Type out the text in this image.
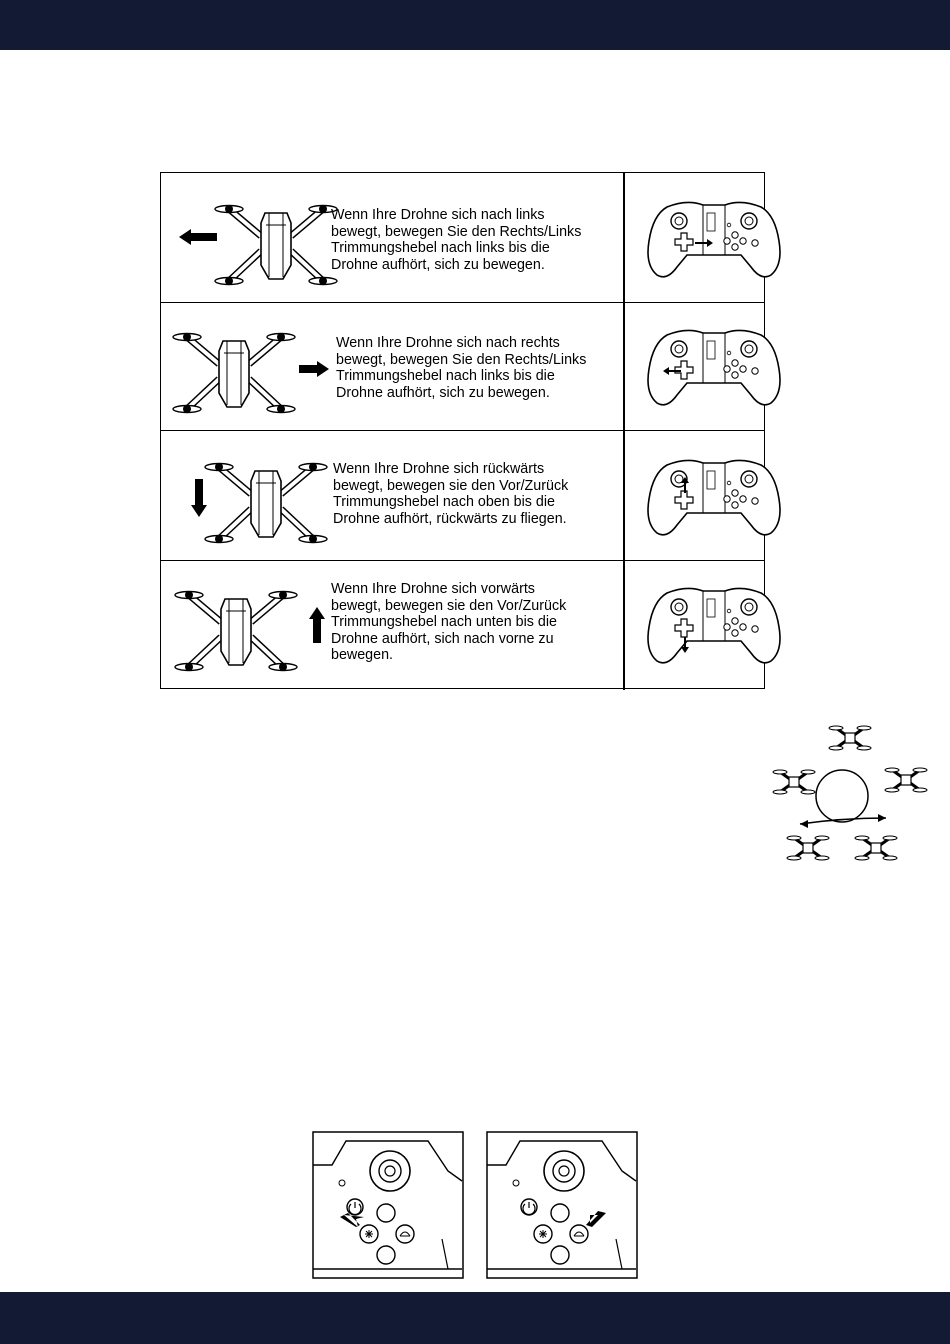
Wenn Ihre Drohne sich nach links
bewegt, bewegen Sie den Rechts/Links
Trimmungshebel nach links bis die
Drohne aufhört, sich zu bewegen.

Wenn Ihre Drohne sich nach rechts
bewegt, bewegen Sie den Rechts/Links
Trimmungshebel nach links bis die
Drohne aufhört, sich zu bewegen.

Wenn Ihre Drohne sich rückwärts
bewegt, bewegen sie den Vor/Zurück
Trimmungshebel nach oben bis die
Drohne aufhört, rückwärts zu fliegen.

Wenn Ihre Drohne sich vorwärts
bewegt, bewegen sie den Vor/Zurück
Trimmungshebel nach unten bis die
Drohne aufhört, sich nach vorne zu
bewegen.
